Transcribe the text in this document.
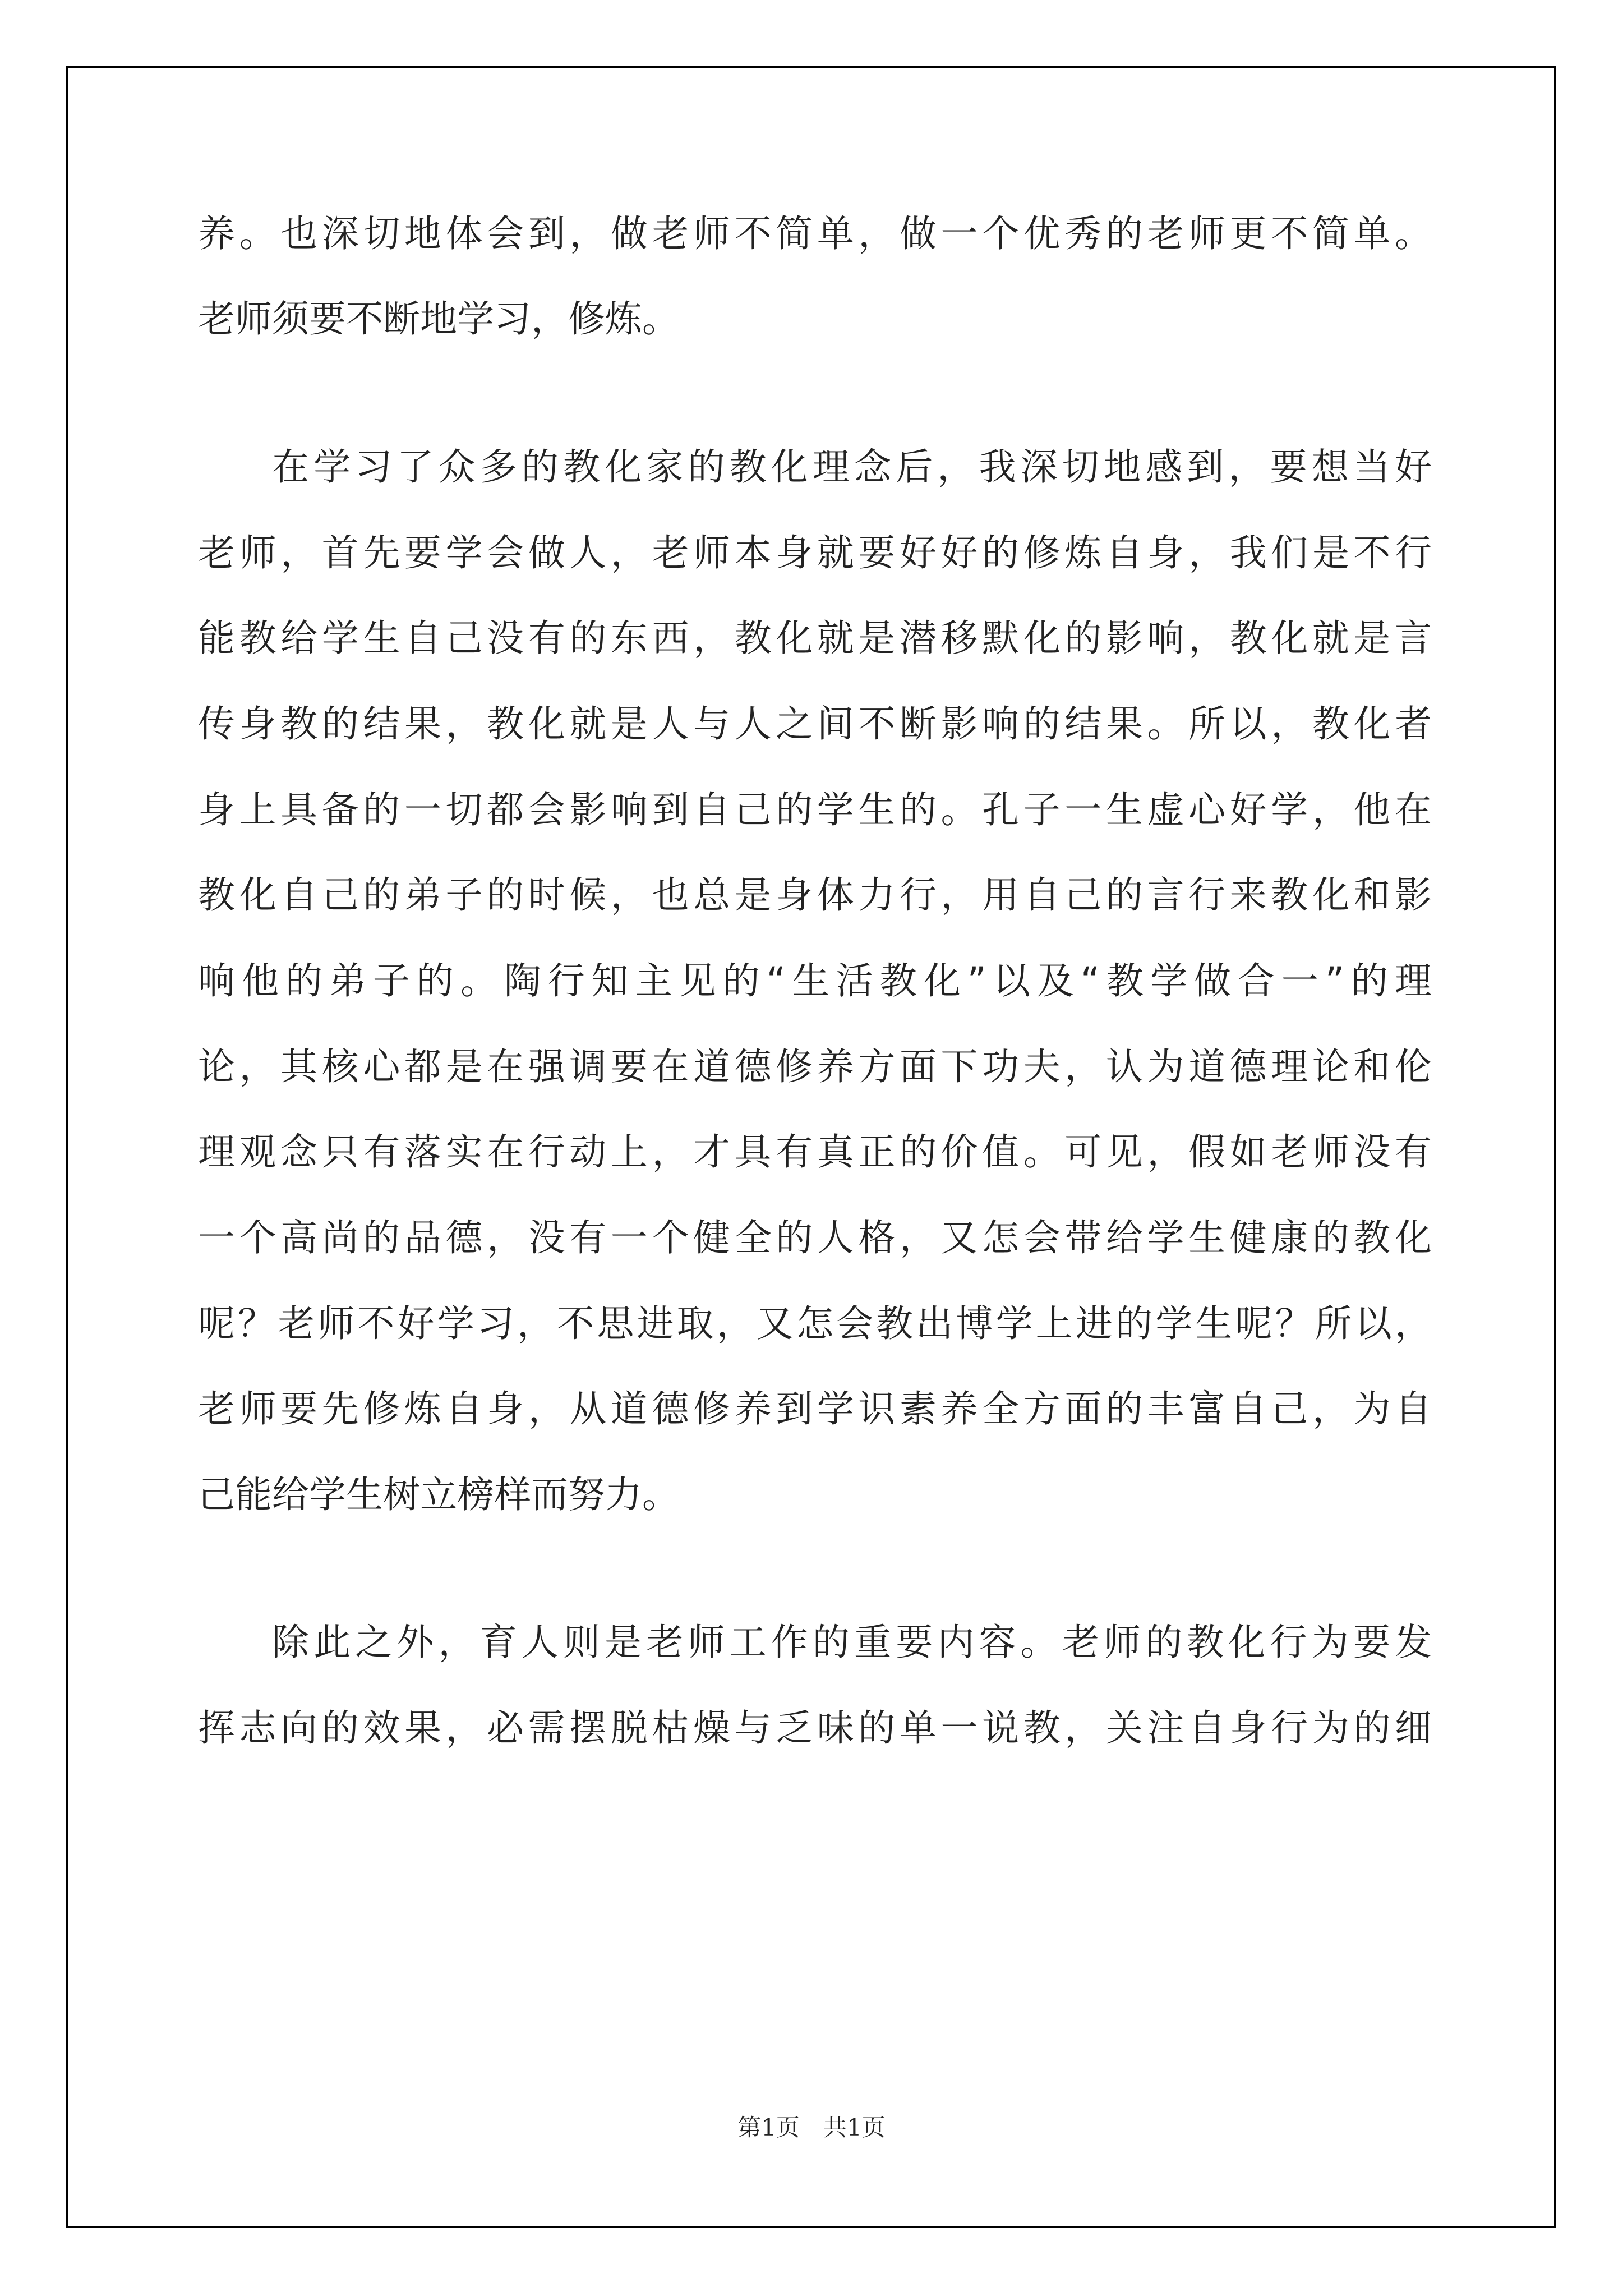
养。也深切地体会到，做老师不简单，做一个优秀的老师更不简单。

老师须要不断地学习，修炼。

在学习了众多的教化家的教化理念后，我深切地感到，要想当好

老师，首先要学会做人，老师本身就要好好的修炼自身，我们是不行

能教给学生自己没有的东西，教化就是潜移默化的影响，教化就是言

传身教的结果，教化就是人与人之间不断影响的结果。所以，教化者

身上具备的一切都会影响到自己的学生的。孔子一生虚心好学，他在

教化自己的弟子的时候，也总是身体力行，用自己的言行来教化和影

响他的弟子的。陶行知主见的“生活教化”以及“教学做合一”的理

论，其核心都是在强调要在道德修养方面下功夫，认为道德理论和伦

理观念只有落实在行动上，才具有真正的价值。可见，假如老师没有

一个高尚的品德，没有一个健全的人格，又怎会带给学生健康的教化

呢？老师不好学习，不思进取，又怎会教出博学上进的学生呢？所以，

老师要先修炼自身，从道德修养到学识素养全方面的丰富自己，为自

己能给学生树立榜样而努力。

除此之外，育人则是老师工作的重要内容。老师的教化行为要发

挥志向的效果，必需摆脱枯燥与乏味的单一说教，关注自身行为的细

第1页　共1页
